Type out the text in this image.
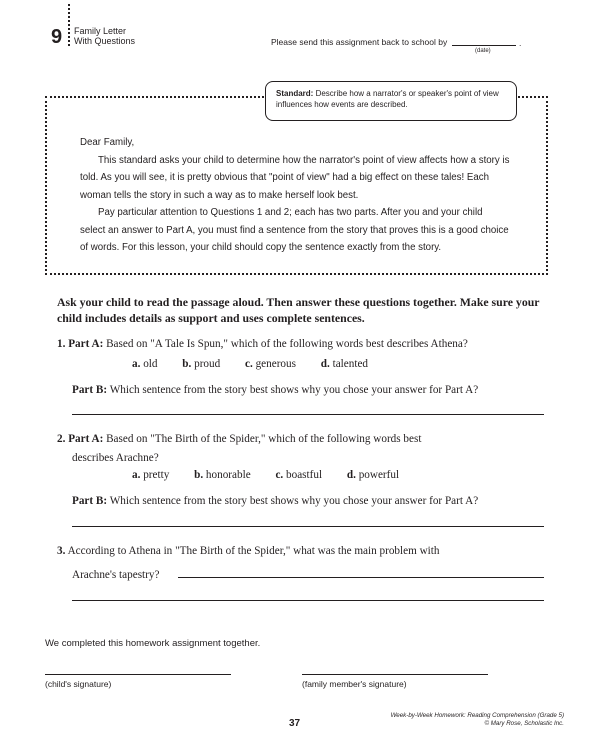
9 Family Letter
With Questions	Please send this assignment back to school by
(date)
.
Standard: Describe how a narrator's or speaker's point of view influences how events are described.

Dear Family,

This standard asks your child to determine how the narrator's point of view affects how a story is told. As you will see, it is pretty obvious that "point of view" had a big effect on these tales! Each woman tells the story in such a way as to make herself look best.

Pay particular attention to Questions 1 and 2; each has two parts. After you and your child select an answer to Part A, you must find a sentence from the story that proves this is a good choice of words. For this lesson, your child should copy the sentence exactly from the story.

Ask your child to read the passage aloud. Then answer these questions together. Make sure your child includes details as support and uses complete sentences.
1. Part A: Based on "A Tale Is Spun," which of the following words best describes Athena?
a. old b. proud c. generous d. talented
Part B: Which sentence from the story best shows why you chose your answer for Part A?
2. Part A: Based on "The Birth of the Spider," which of the following words best
describes Arachne?
a. pretty b. honorable c. boastful d. powerful
Part B: Which sentence from the story best shows why you chose your answer for Part A?
3. According to Athena in "The Birth of the Spider," what was the main problem with
Arachne's tapestry?
We completed this homework assignment together.
(child's signature)	(family member's signature)
37
Week-by-Week Homework: Reading Comprehension (Grade 5)
© Mary Rose, Scholastic Inc.
